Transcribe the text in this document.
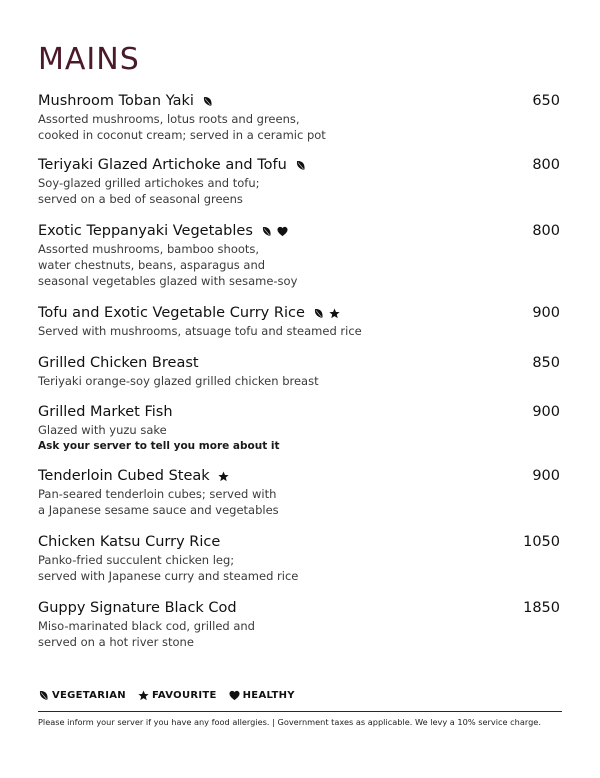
MAINS
Mushroom Toban Yaki	650
Assorted mushrooms, lotus roots and greens,
cooked in coconut cream; served in a ceramic pot
Teriyaki Glazed Artichoke and Tofu	800
Soy-glazed grilled artichokes and tofu;
served on a bed of seasonal greens
Exotic Teppanyaki Vegetables	800
Assorted mushrooms, bamboo shoots,
water chestnuts, beans, asparagus and
seasonal vegetables glazed with sesame-soy
Tofu and Exotic Vegetable Curry Rice	900
Served with mushrooms, atsuage tofu and steamed rice
Grilled Chicken Breast	850
Teriyaki orange-soy glazed grilled chicken breast
Grilled Market Fish	900
Glazed with yuzu sake
Ask your server to tell you more about it
Tenderloin Cubed Steak	900
Pan-seared tenderloin cubes; served with
a Japanese sesame sauce and vegetables
Chicken Katsu Curry Rice	1050
Panko-fried succulent chicken leg;
served with Japanese curry and steamed rice
Guppy Signature Black Cod	1850
Miso-marinated black cod, grilled and
served on a hot river stone
VEGETARIAN	FAVOURITE	HEALTHY
Please inform your server if you have any food allergies. | Government taxes as applicable. We levy a 10% service charge.
